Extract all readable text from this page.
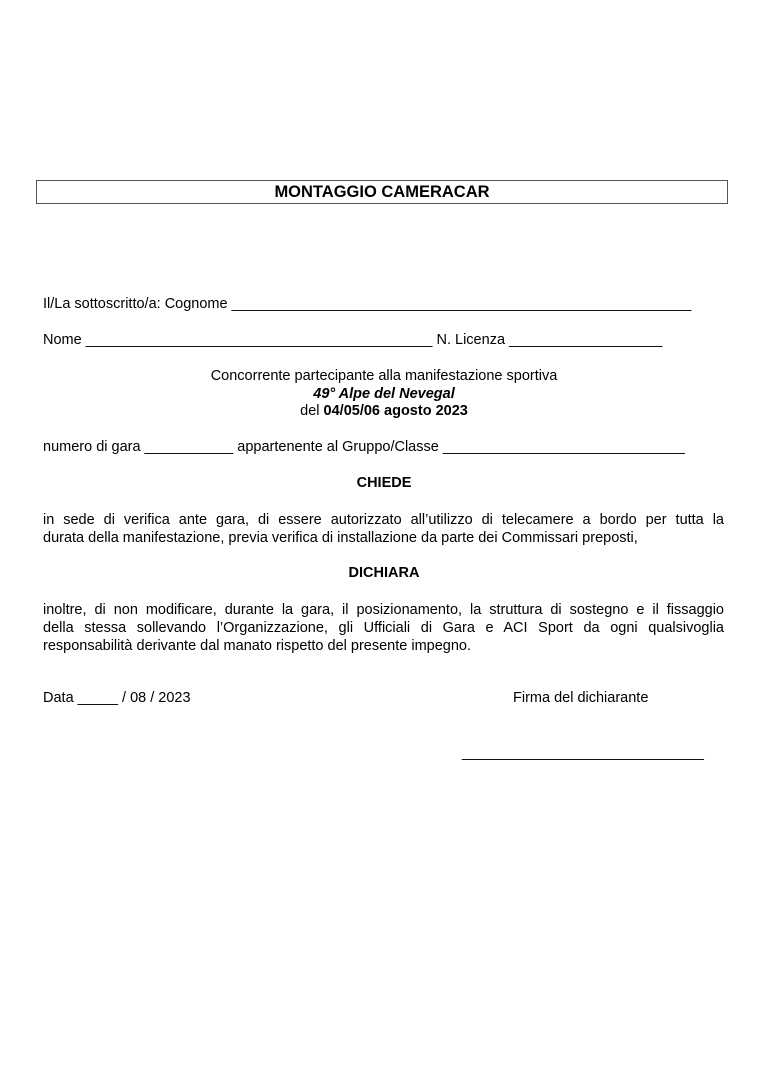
MONTAGGIO CAMERACAR
Il/La sottoscritto/a: Cognome _________________________________________________________
Nome ___________________________________________ N. Licenza ___________________
Concorrente partecipante alla manifestazione sportiva
49° Alpe del Nevegal
del 04/05/06 agosto 2023
numero di gara ___________ appartenente al Gruppo/Classe ______________________________
CHIEDE
in sede di verifica ante gara, di essere autorizzato all’utilizzo di telecamere a bordo per tutta la
durata della manifestazione, previa verifica di installazione da parte dei Commissari preposti,
DICHIARA
inoltre, di non modificare, durante la gara, il posizionamento, la struttura di sostegno e il fissaggio
della stessa sollevando l’Organizzazione, gli Ufficiali di Gara e ACI Sport da ogni qualsivoglia
responsabilità derivante dal manato rispetto del presente impegno.
Data _____ / 08 / 2023	Firma del dichiarante
______________________________
